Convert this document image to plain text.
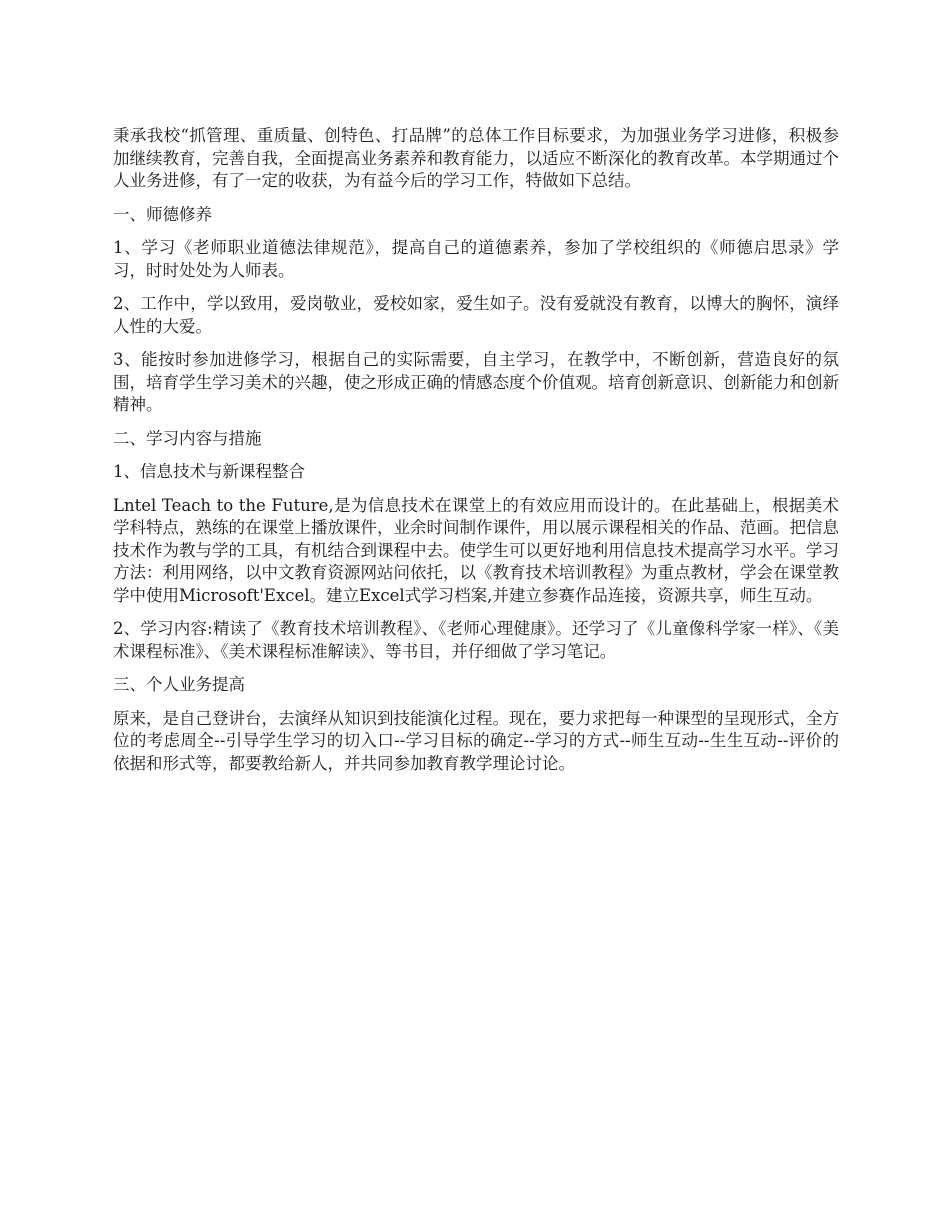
秉承我校“抓管理、重质量、创特色、打品牌”的总体工作目标要求，为加强业务学习进修，积极参加继续教育，完善自我，全面提高业务素养和教育能力，以适应不断深化的教育改革。本学期通过个人业务进修，有了一定的收获，为有益今后的学习工作，特做如下总结。

一、师德修养

1、学习《老师职业道德法律规范》，提高自己的道德素养，参加了学校组织的《师德启思录》学习，时时处处为人师表。

2、工作中，学以致用，爱岗敬业，爱校如家，爱生如子。没有爱就没有教育，以博大的胸怀，演绎人性的大爱。

3、能按时参加进修学习，根据自己的实际需要，自主学习，在教学中，不断创新，营造良好的氛围，培育学生学习美术的兴趣，使之形成正确的情感态度个价值观。培育创新意识、创新能力和创新精神。

二、学习内容与措施

1、信息技术与新课程整合

Lntel Teach to the Future,是为信息技术在课堂上的有效应用而设计的。在此基础上，根据美术学科特点，熟练的在课堂上播放课件，业余时间制作课件，用以展示课程相关的作品、范画。把信息技术作为教与学的工具，有机结合到课程中去。使学生可以更好地利用信息技术提高学习水平。学习方法：利用网络，以中文教育资源网站问依托，以《教育技术培训教程》为重点教材，学会在课堂教学中使用Microsoft'Excel。建立Excel式学习档案,并建立参赛作品连接，资源共享，师生互动。

2、学习内容:精读了《教育技术培训教程》、《老师心理健康》。还学习了《儿童像科学家一样》、《美术课程标准》、《美术课程标准解读》、等书目，并仔细做了学习笔记。

三、个人业务提高

原来，是自己登讲台，去演绎从知识到技能演化过程。现在，要力求把每一种课型的呈现形式，全方位的考虑周全--引导学生学习的切入口--学习目标的确定--学习的方式--师生互动--生生互动--评价的依据和形式等，都要教给新人，并共同参加教育教学理论讨论。
